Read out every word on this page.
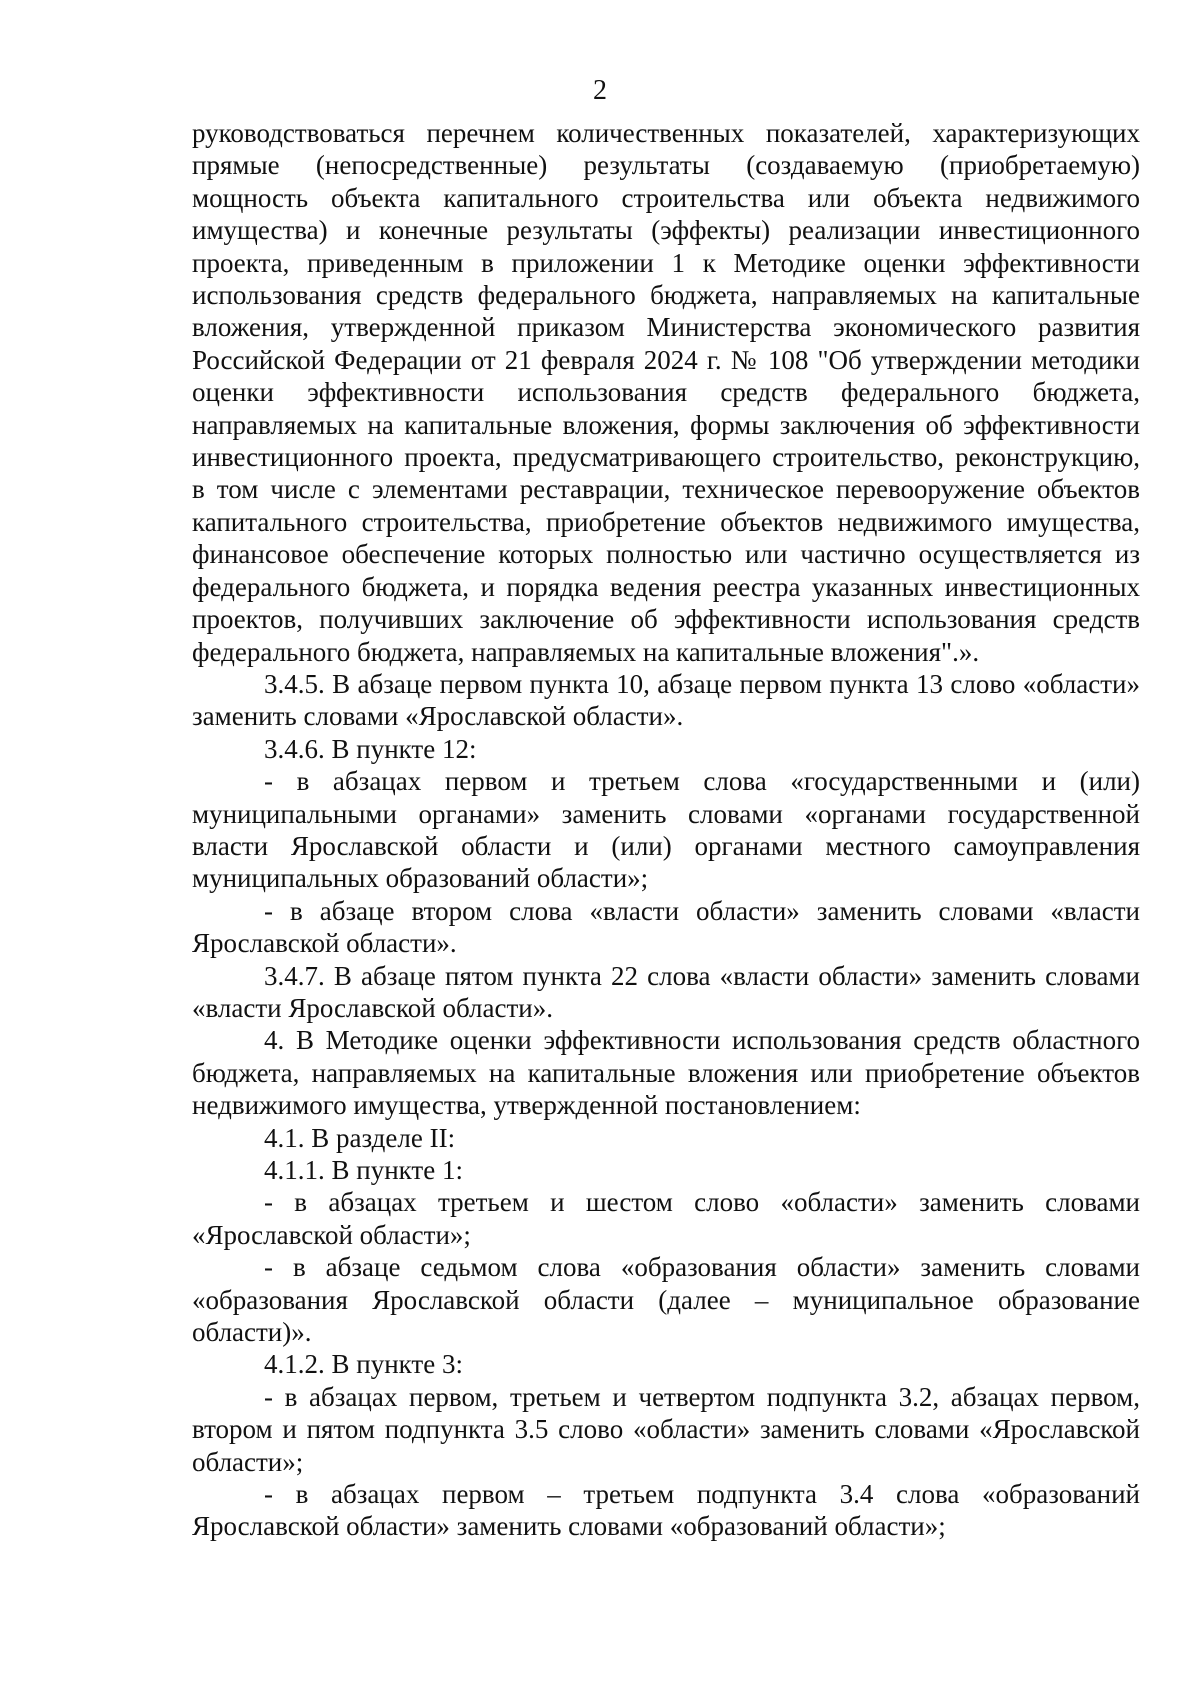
2

руководствоваться перечнем количественных показателей, характеризующих прямые (непосредственные) результаты (создаваемую (приобретаемую) мощность объекта капитального строительства или объекта недвижимого имущества) и конечные результаты (эффекты) реализации инвестиционного проекта, приведенным в приложении 1 к Методике оценки эффективности использования средств федерального бюджета, направляемых на капитальные вложения, утвержденной приказом Министерства экономического развития Российской Федерации от 21 февраля 2024 г. № 108 "Об утверждении методики оценки эффективности использования средств федерального бюджета, направляемых на капитальные вложения, формы заключения об эффективности инвестиционного проекта, предусматривающего строительство, реконструкцию, в том числе с элементами реставрации, техническое перевооружение объектов капитального строительства, приобретение объектов недвижимого имущества, финансовое обеспечение которых полностью или частично осуществляется из федерального бюджета, и порядка ведения реестра указанных инвестиционных проектов, получивших заключение об эффективности использования средств федерального бюджета, направляемых на капитальные вложения".».

3.4.5. В абзаце первом пункта 10, абзаце первом пункта 13 слово «области» заменить словами «Ярославской области».

3.4.6. В пункте 12:

- в абзацах первом и третьем слова «государственными и (или) муниципальными органами» заменить словами «органами государственной власти Ярославской области и (или) органами местного самоуправления муниципальных образований области»;

- в абзаце втором слова «власти области» заменить словами «власти Ярославской области».

3.4.7. В абзаце пятом пункта 22 слова «власти области» заменить словами «власти Ярославской области».

4. В Методике оценки эффективности использования средств областного бюджета, направляемых на капитальные вложения или приобретение объектов недвижимого имущества, утвержденной постановлением:

4.1. В разделе II:

4.1.1. В пункте 1:

- в абзацах третьем и шестом слово «области» заменить словами «Ярославской области»;

- в абзаце седьмом слова «образования области» заменить словами «образования Ярославской области (далее – муниципальное образование области)».

4.1.2. В пункте 3:

- в абзацах первом, третьем и четвертом подпункта 3.2, абзацах первом, втором и пятом подпункта 3.5 слово «области» заменить словами «Ярославской области»;

- в абзацах первом – третьем подпункта 3.4 слова «образований Ярославской области» заменить словами «образований области»;
